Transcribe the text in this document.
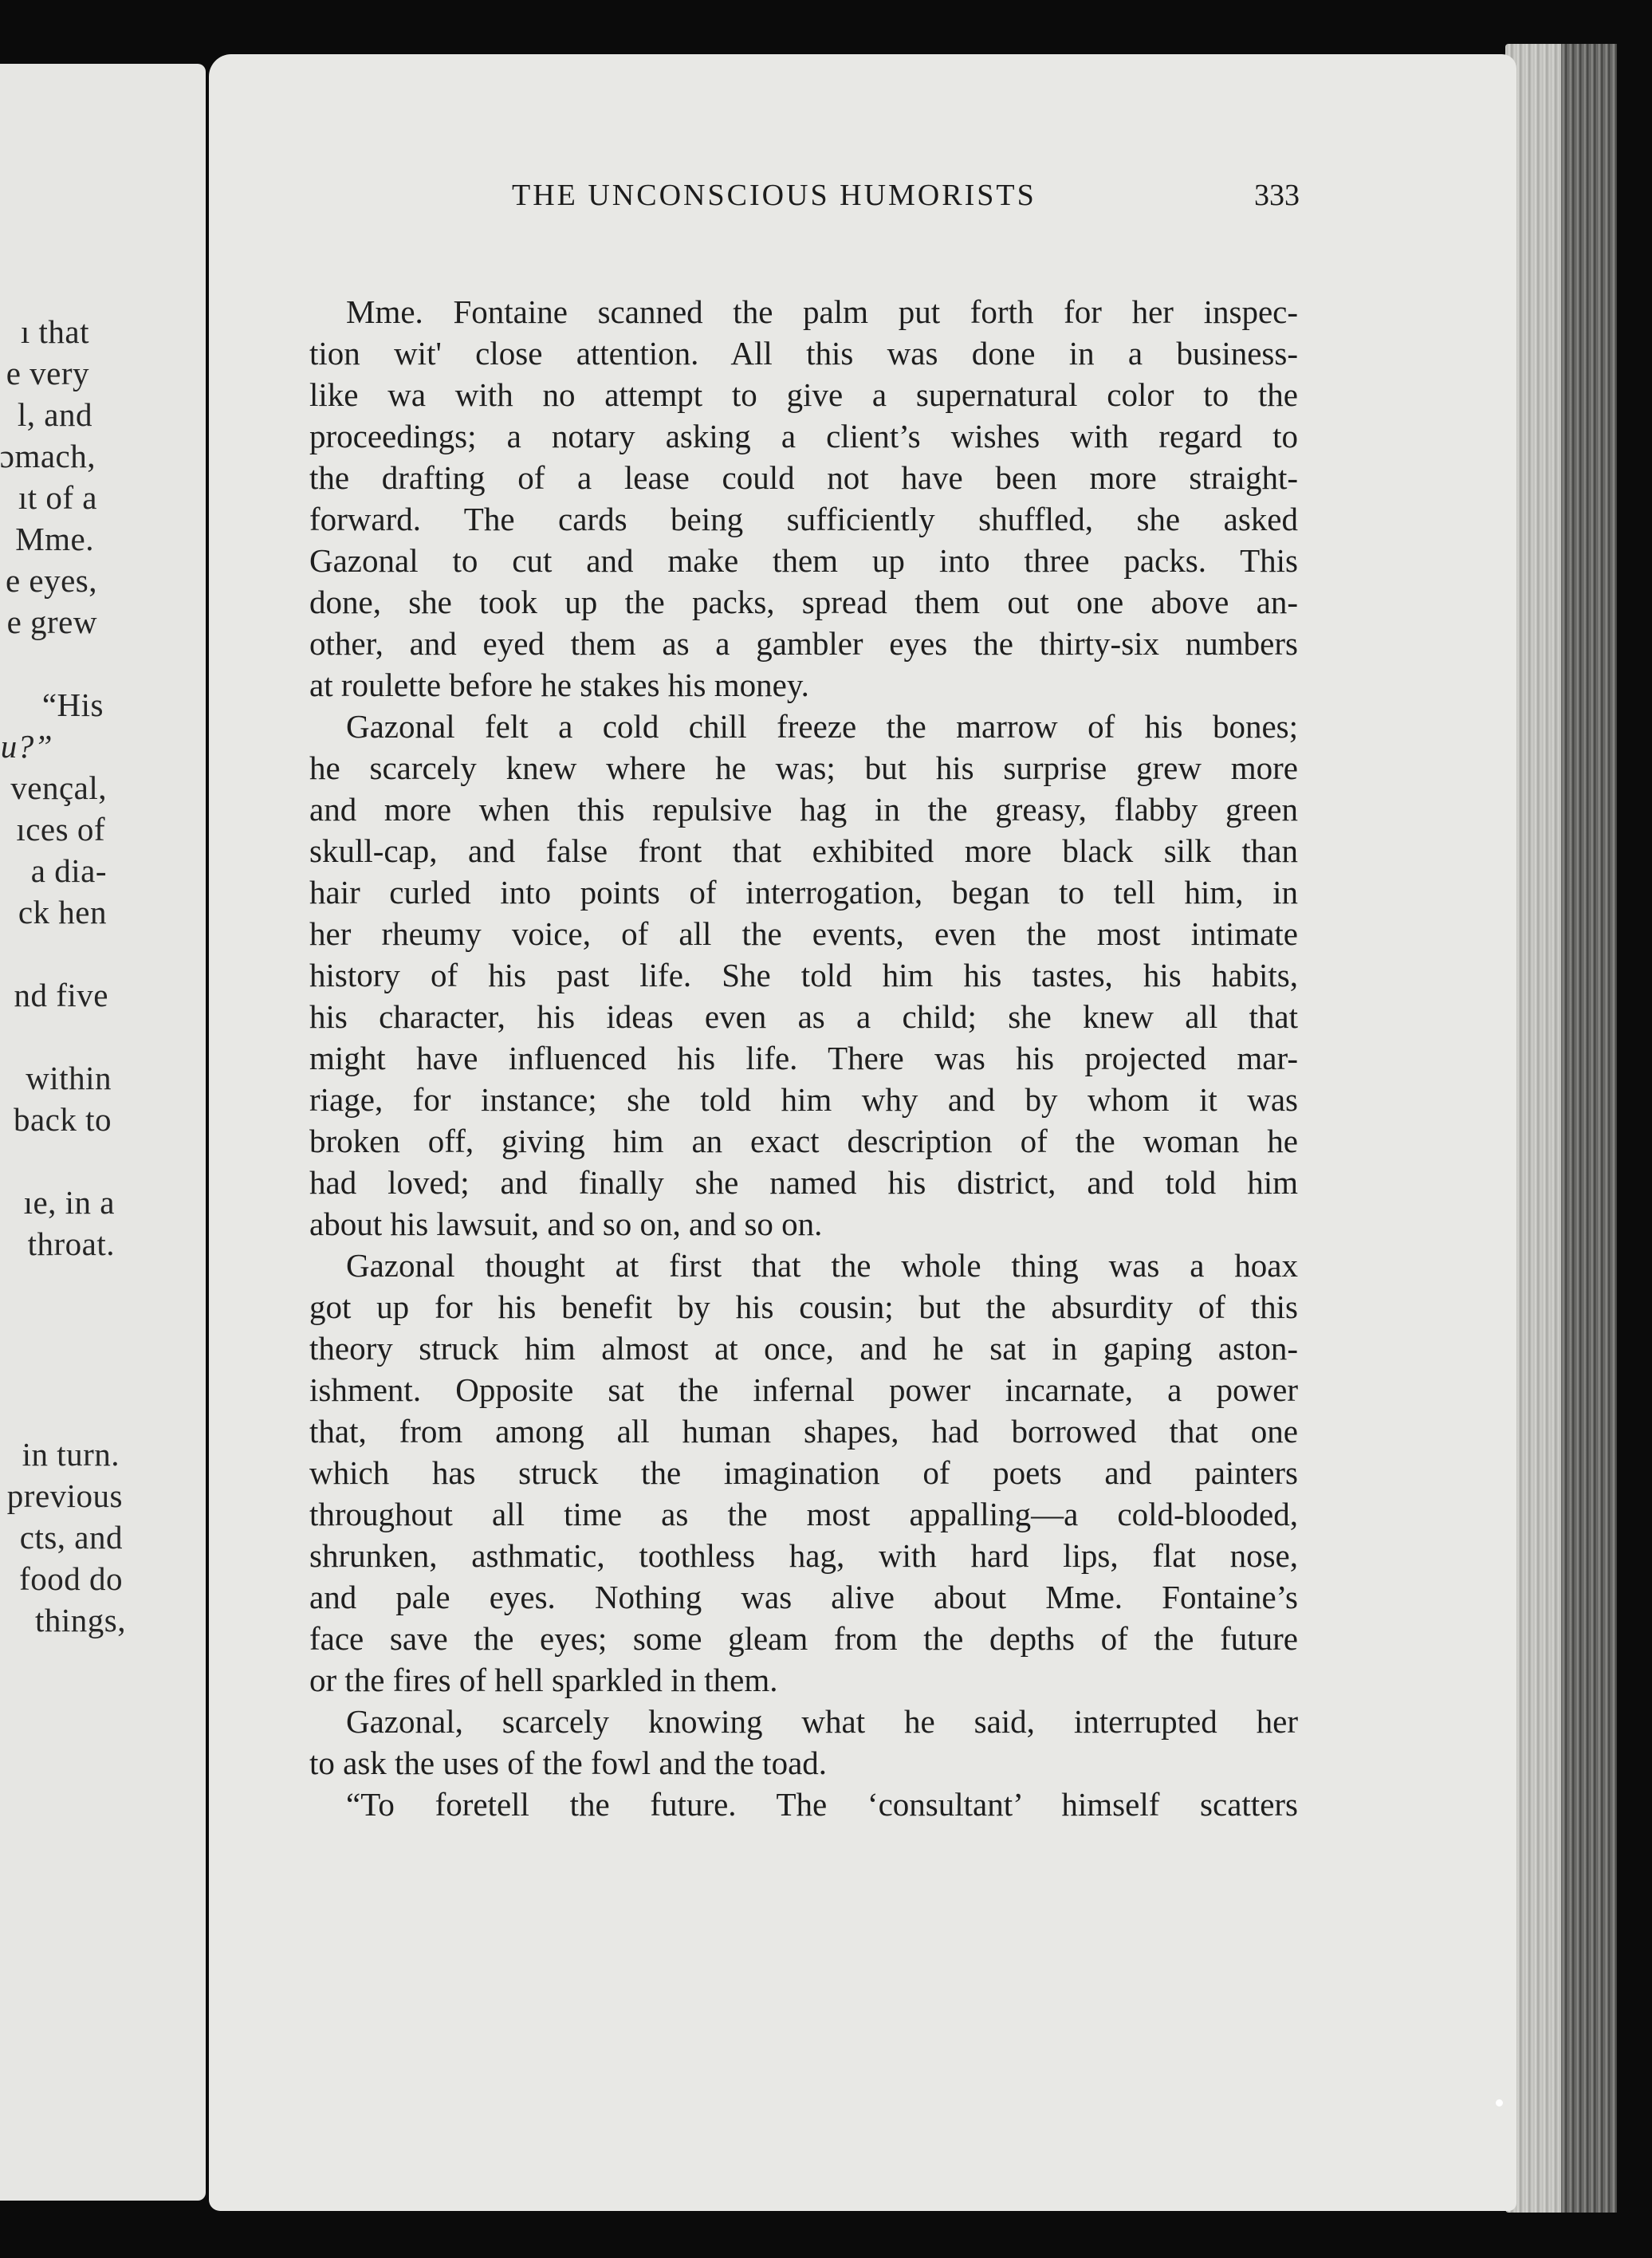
ı that
e very
l, and
ɔmach,
ıt of a
Mme.
e eyes,
e grew
“His
u?”
vençal,
ıces of
a dia-
ck hen
nd five
within
back to
ıe, in a
throat.
in turn.
previous
cts, and
food do
things,
THE UNCONSCIOUS HUMORISTS	333
Mme. Fontaine scanned the palm put forth for her inspec-
tion wit' close attention. All this was done in a business-
like wa with no attempt to give a supernatural color to the
proceedings; a notary asking a client’s wishes with regard to
the drafting of a lease could not have been more straight-
forward. The cards being sufficiently shuffled, she asked
Gazonal to cut and make them up into three packs. This
done, she took up the packs, spread them out one above an-
other, and eyed them as a gambler eyes the thirty-six numbers
at roulette before he stakes his money.
Gazonal felt a cold chill freeze the marrow of his bones;
he scarcely knew where he was; but his surprise grew more
and more when this repulsive hag in the greasy, flabby green
skull-cap, and false front that exhibited more black silk than
hair curled into points of interrogation, began to tell him, in
her rheumy voice, of all the events, even the most intimate
history of his past life. She told him his tastes, his habits,
his character, his ideas even as a child; she knew all that
might have influenced his life. There was his projected mar-
riage, for instance; she told him why and by whom it was
broken off, giving him an exact description of the woman he
had loved; and finally she named his district, and told him
about his lawsuit, and so on, and so on.
Gazonal thought at first that the whole thing was a hoax
got up for his benefit by his cousin; but the absurdity of this
theory struck him almost at once, and he sat in gaping aston-
ishment. Opposite sat the infernal power incarnate, a power
that, from among all human shapes, had borrowed that one
which has struck the imagination of poets and painters
throughout all time as the most appalling—a cold-blooded,
shrunken, asthmatic, toothless hag, with hard lips, flat nose,
and pale eyes. Nothing was alive about Mme. Fontaine’s
face save the eyes; some gleam from the depths of the future
or the fires of hell sparkled in them.
Gazonal, scarcely knowing what he said, interrupted her
to ask the uses of the fowl and the toad.
“To foretell the future. The ‘consultant’ himself scatters
